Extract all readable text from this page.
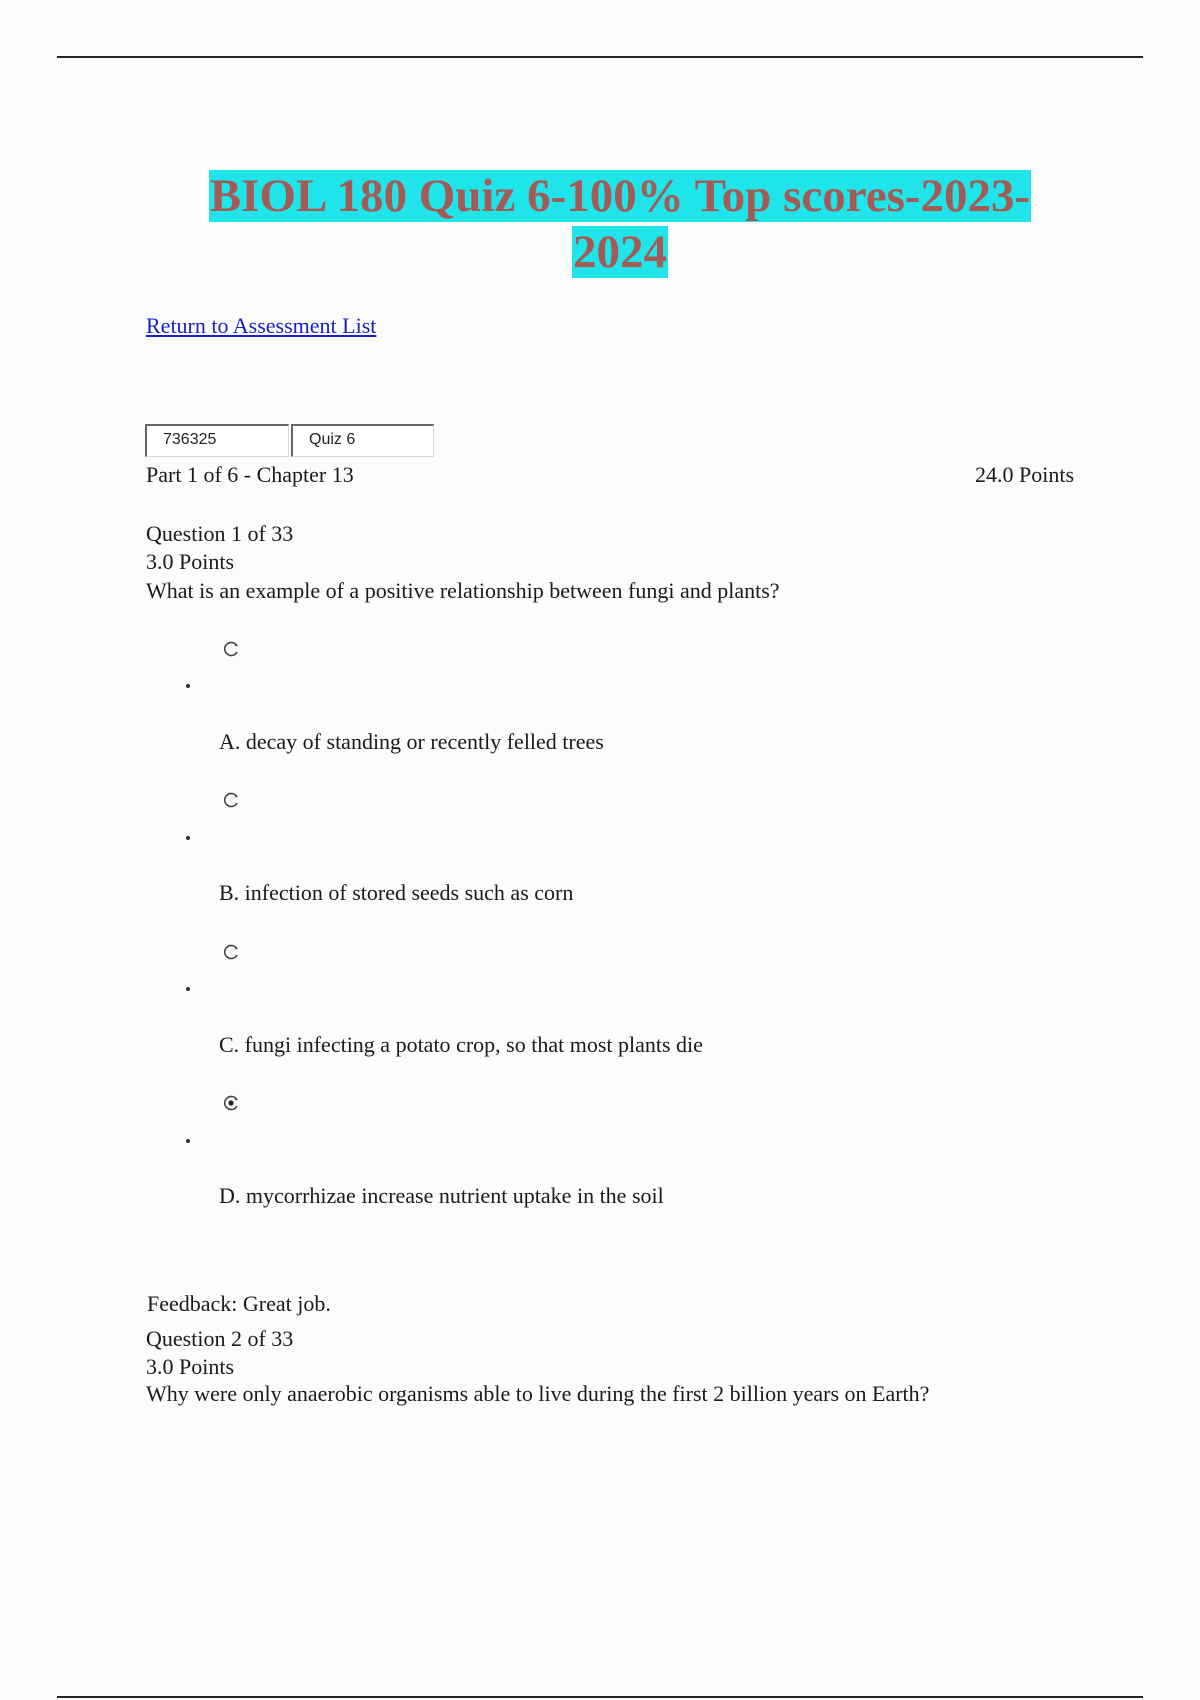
BIOL 180 Quiz 6-100% Top scores-2023-
2024
Return to Assessment List
736325	Quiz 6
Part 1 of 6 - Chapter 13	24.0 Points
Question 1 of 33
3.0 Points
What is an example of a positive relationship between fungi and plants?
A. decay of standing or recently felled trees
B. infection of stored seeds such as corn
C. fungi infecting a potato crop, so that most plants die
D. mycorrhizae increase nutrient uptake in the soil
Feedback: Great job.
Question 2 of 33
3.0 Points
Why were only anaerobic organisms able to live during the first 2 billion years on Earth?
